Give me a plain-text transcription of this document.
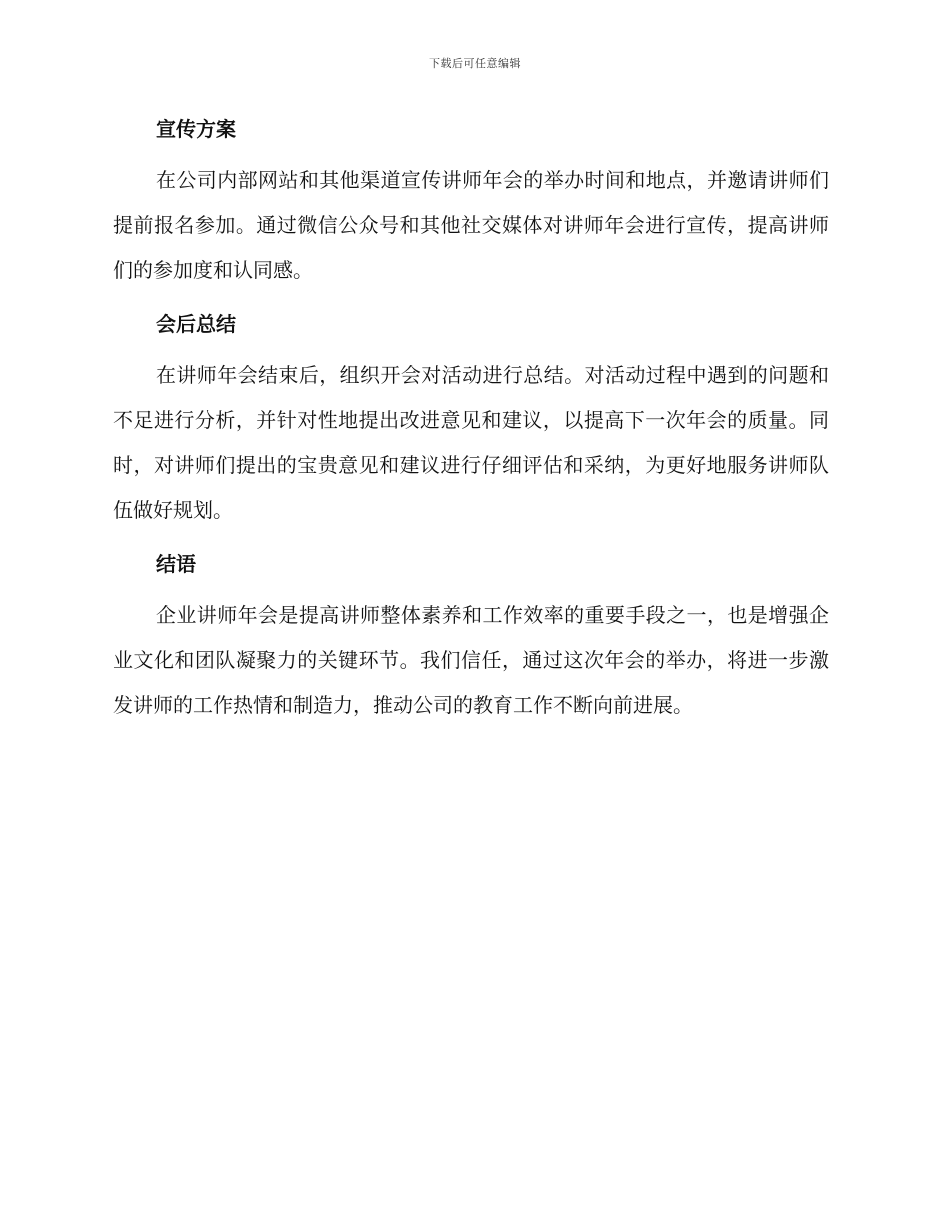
下载后可任意编辑
宣传方案

在公司内部网站和其他渠道宣传讲师年会的举办时间和地点，并邀请讲师们提前报名参加。通过微信公众号和其他社交媒体对讲师年会进行宣传，提高讲师们的参加度和认同感。

会后总结

在讲师年会结束后，组织开会对活动进行总结。对活动过程中遇到的问题和不足进行分析，并针对性地提出改进意见和建议，以提高下一次年会的质量。同时，对讲师们提出的宝贵意见和建议进行仔细评估和采纳，为更好地服务讲师队伍做好规划。

结语

企业讲师年会是提高讲师整体素养和工作效率的重要手段之一，也是增强企业文化和团队凝聚力的关键环节。我们信任，通过这次年会的举办，将进一步激发讲师的工作热情和制造力，推动公司的教育工作不断向前进展。
